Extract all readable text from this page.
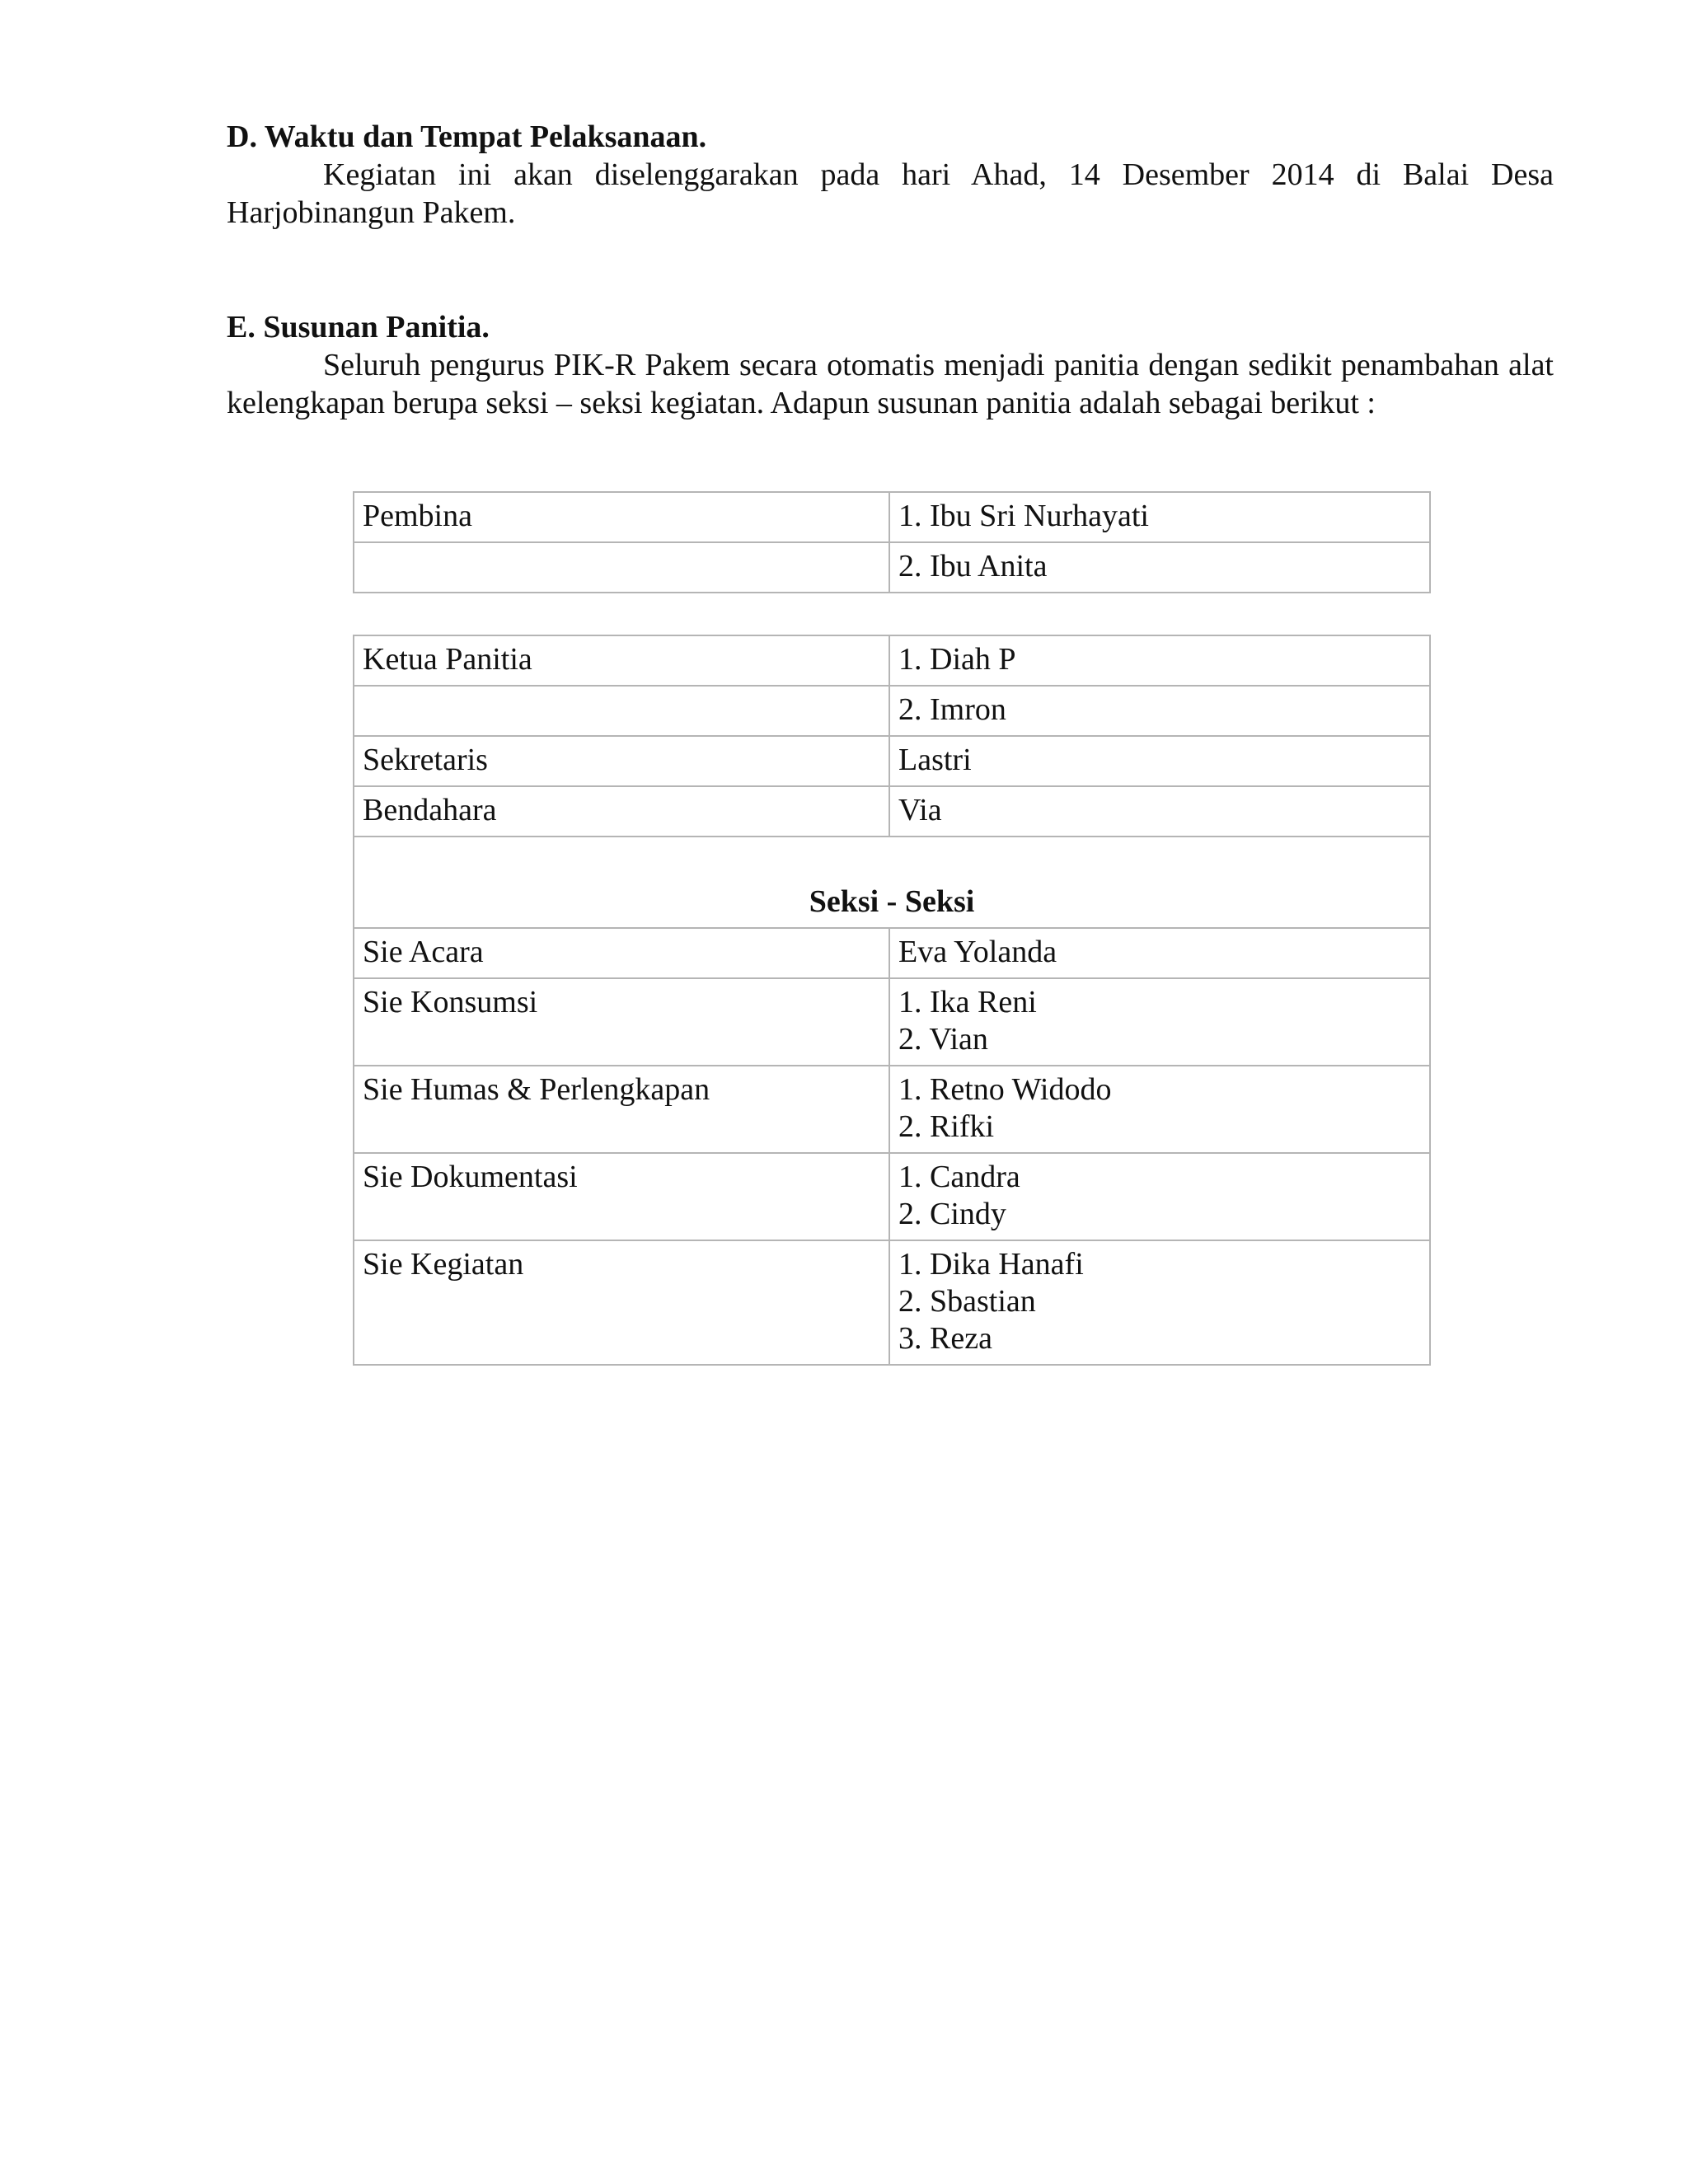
D. Waktu dan Tempat Pelaksanaan.

Kegiatan ini akan diselenggarakan pada hari Ahad, 14 Desember 2014 di Balai Desa Harjobinangun Pakem.

E. Susunan Panitia.

Seluruh pengurus PIK-R Pakem secara otomatis menjadi panitia dengan sedikit penambahan alat kelengkapan berupa seksi – seksi kegiatan. Adapun susunan panitia adalah sebagai berikut :

Pembina	1. Ibu Sri Nurhayati
	2. Ibu Anita
Ketua Panitia	1. Diah P
	2. Imron
Sekretaris	Lastri
Bendahara	Via
Seksi - Seksi	
Sie Acara	Eva Yolanda

Sie Konsumsi	1. Ika Reni
2. Vian

Sie Humas & Perlengkapan	1. Retno Widodo
2. Rifki

Sie Dokumentasi	1. Candra
2. Cindy

Sie Kegiatan	1. Dika Hanafi
2. Sbastian
3. Reza
